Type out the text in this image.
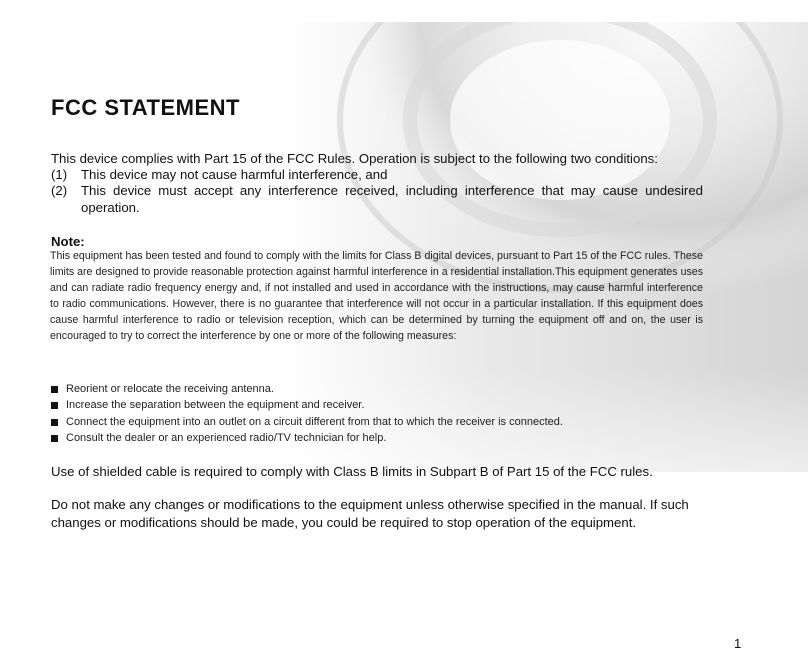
FCC STATEMENT
This device complies with Part 15 of the FCC Rules. Operation is subject to the following two conditions:
(1)	This device may not cause harmful interference, and
(2)	This device must accept any interference received, including interference that may cause undesired operation.
Note:
This equipment has been tested and found to comply with the limits for Class B digital devices, pursuant to Part 15 of the FCC rules. These limits are designed to provide reasonable protection against harmful interference in a residential installation.This equipment generates uses and can radiate radio frequency energy and, if not installed and used in accordance with the instructions, may cause harmful interference to radio communications. However, there is no guarantee that interference will not occur in a particular installation. If this equipment does cause harmful interference to radio or television reception, which can be determined by turning the equipment off and on, the user is encouraged to try to correct the interference by one or more of the following measures:
Reorient or relocate the receiving antenna.
Increase the separation between the equipment and receiver.
Connect the equipment into an outlet on a circuit different from that to which the receiver is connected.
Consult the dealer or an experienced radio/TV technician for help.
Use of shielded cable is required to comply with Class B limits in Subpart B of Part 15 of the FCC rules.
Do not make any changes or modifications to the equipment unless otherwise specified in the manual. If such changes or modifications should be made, you could be required to stop operation of the equipment.
1
